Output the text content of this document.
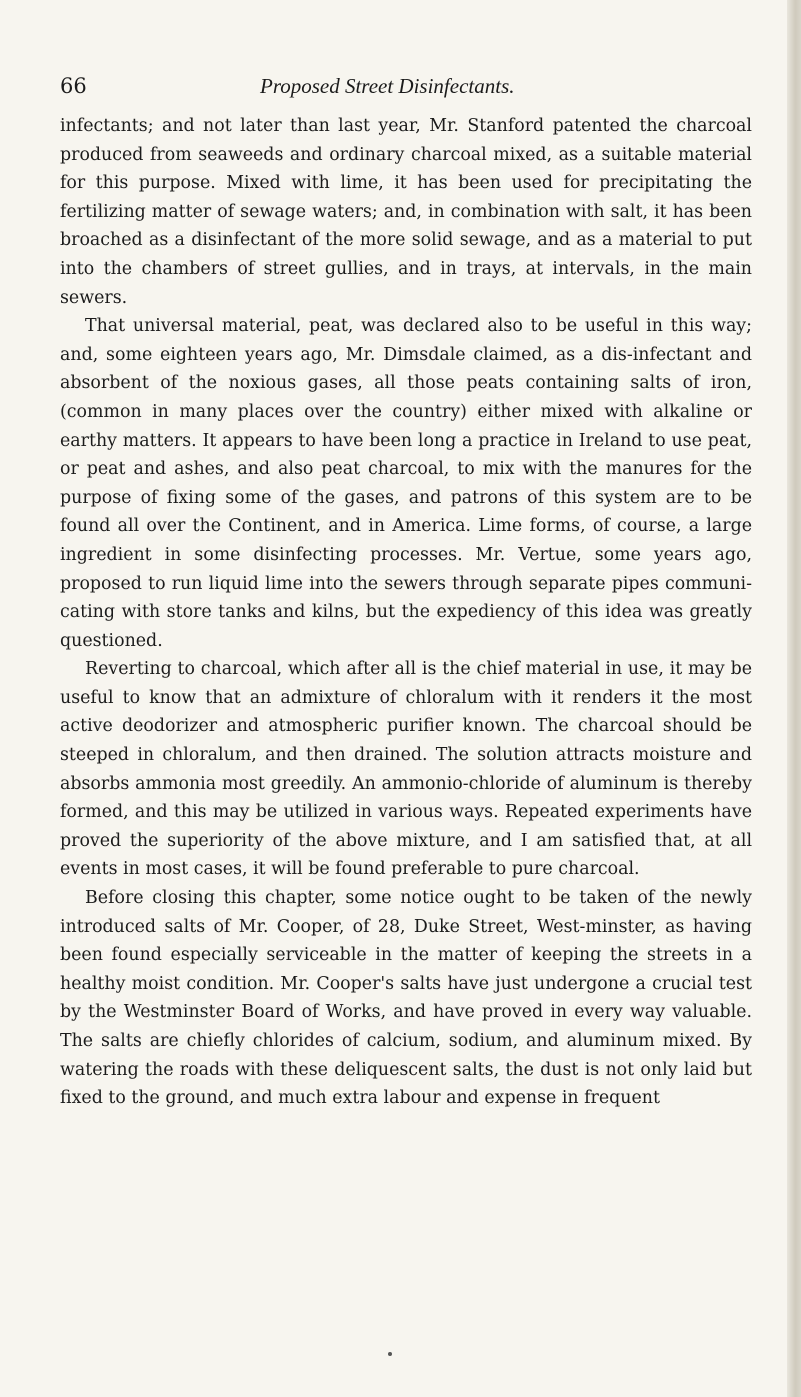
66	Proposed Street Disinfectants.

infectants; and not later than last year, Mr. Stanford patented the charcoal produced from seaweeds and ordinary charcoal mixed, as a suitable material for this purpose. Mixed with lime, it has been used for precipitating the fertilizing matter of sewage waters; and, in combination with salt, it has been broached as a disinfectant of the more solid sewage, and as a material to put into the chambers of street gullies, and in trays, at intervals, in the main sewers.

That universal material, peat, was declared also to be useful in this way; and, some eighteen years ago, Mr. Dimsdale claimed, as a dis-infectant and absorbent of the noxious gases, all those peats containing salts of iron, (common in many places over the country) either mixed with alkaline or earthy matters. It appears to have been long a practice in Ireland to use peat, or peat and ashes, and also peat charcoal, to mix with the manures for the purpose of fixing some of the gases, and patrons of this system are to be found all over the Continent, and in America. Lime forms, of course, a large ingredient in some disinfecting processes. Mr. Vertue, some years ago, proposed to run liquid lime into the sewers through separate pipes communi-cating with store tanks and kilns, but the expediency of this idea was greatly questioned.

Reverting to charcoal, which after all is the chief material in use, it may be useful to know that an admixture of chloralum with it renders it the most active deodorizer and atmospheric purifier known. The charcoal should be steeped in chloralum, and then drained. The solution attracts moisture and absorbs ammonia most greedily. An ammonio-chloride of aluminum is thereby formed, and this may be utilized in various ways. Repeated experiments have proved the superiority of the above mixture, and I am satisfied that, at all events in most cases, it will be found preferable to pure charcoal.

Before closing this chapter, some notice ought to be taken of the newly introduced salts of Mr. Cooper, of 28, Duke Street, West-minster, as having been found especially serviceable in the matter of keeping the streets in a healthy moist condition. Mr. Cooper's salts have just undergone a crucial test by the Westminster Board of Works, and have proved in every way valuable. The salts are chiefly chlorides of calcium, sodium, and aluminum mixed. By watering the roads with these deliquescent salts, the dust is not only laid but fixed to the ground, and much extra labour and expense in frequent
